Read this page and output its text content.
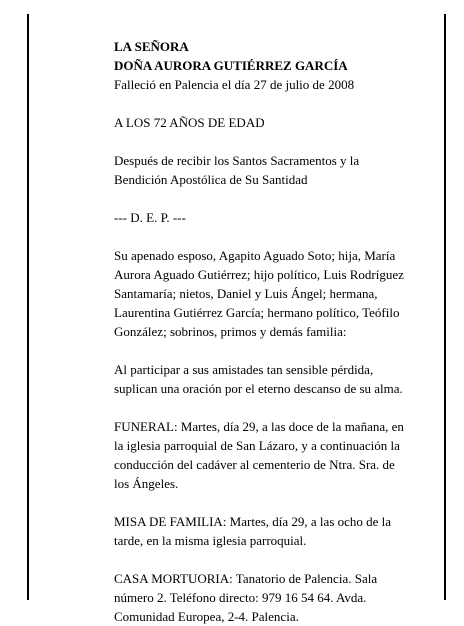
LA SEÑORA

DOÑA AURORA GUTIÉRREZ GARCÍA

Falleció en Palencia el día 27 de julio de 2008

A LOS 72 AÑOS DE EDAD

Después de recibir los Santos Sacramentos y la

Bendición Apostólica de Su Santidad

--- D. E. P. ---

Su apenado esposo, Agapito Aguado Soto; hija, María

Aurora Aguado Gutiérrez; hijo político, Luis Rodríguez

Santamaría; nietos, Daniel y Luis Ángel; hermana,

Laurentina Gutiérrez García; hermano político, Teófilo

González; sobrinos, primos y demás familia:

Al participar a sus amistades tan sensible pérdida,

suplican una oración por el eterno descanso de su alma.

FUNERAL: Martes, día 29, a las doce de la mañana, en

la iglesia parroquial de San Lázaro, y a continuación la

conducción del cadáver al cementerio de Ntra. Sra. de

los Ángeles.

MISA DE FAMILIA: Martes, día 29, a las ocho de la

tarde, en la misma iglesia parroquial.

CASA MORTUORIA: Tanatorio de Palencia. Sala

número 2. Teléfono directo: 979 16 54 64. Avda.

Comunidad Europea, 2-4. Palencia.
